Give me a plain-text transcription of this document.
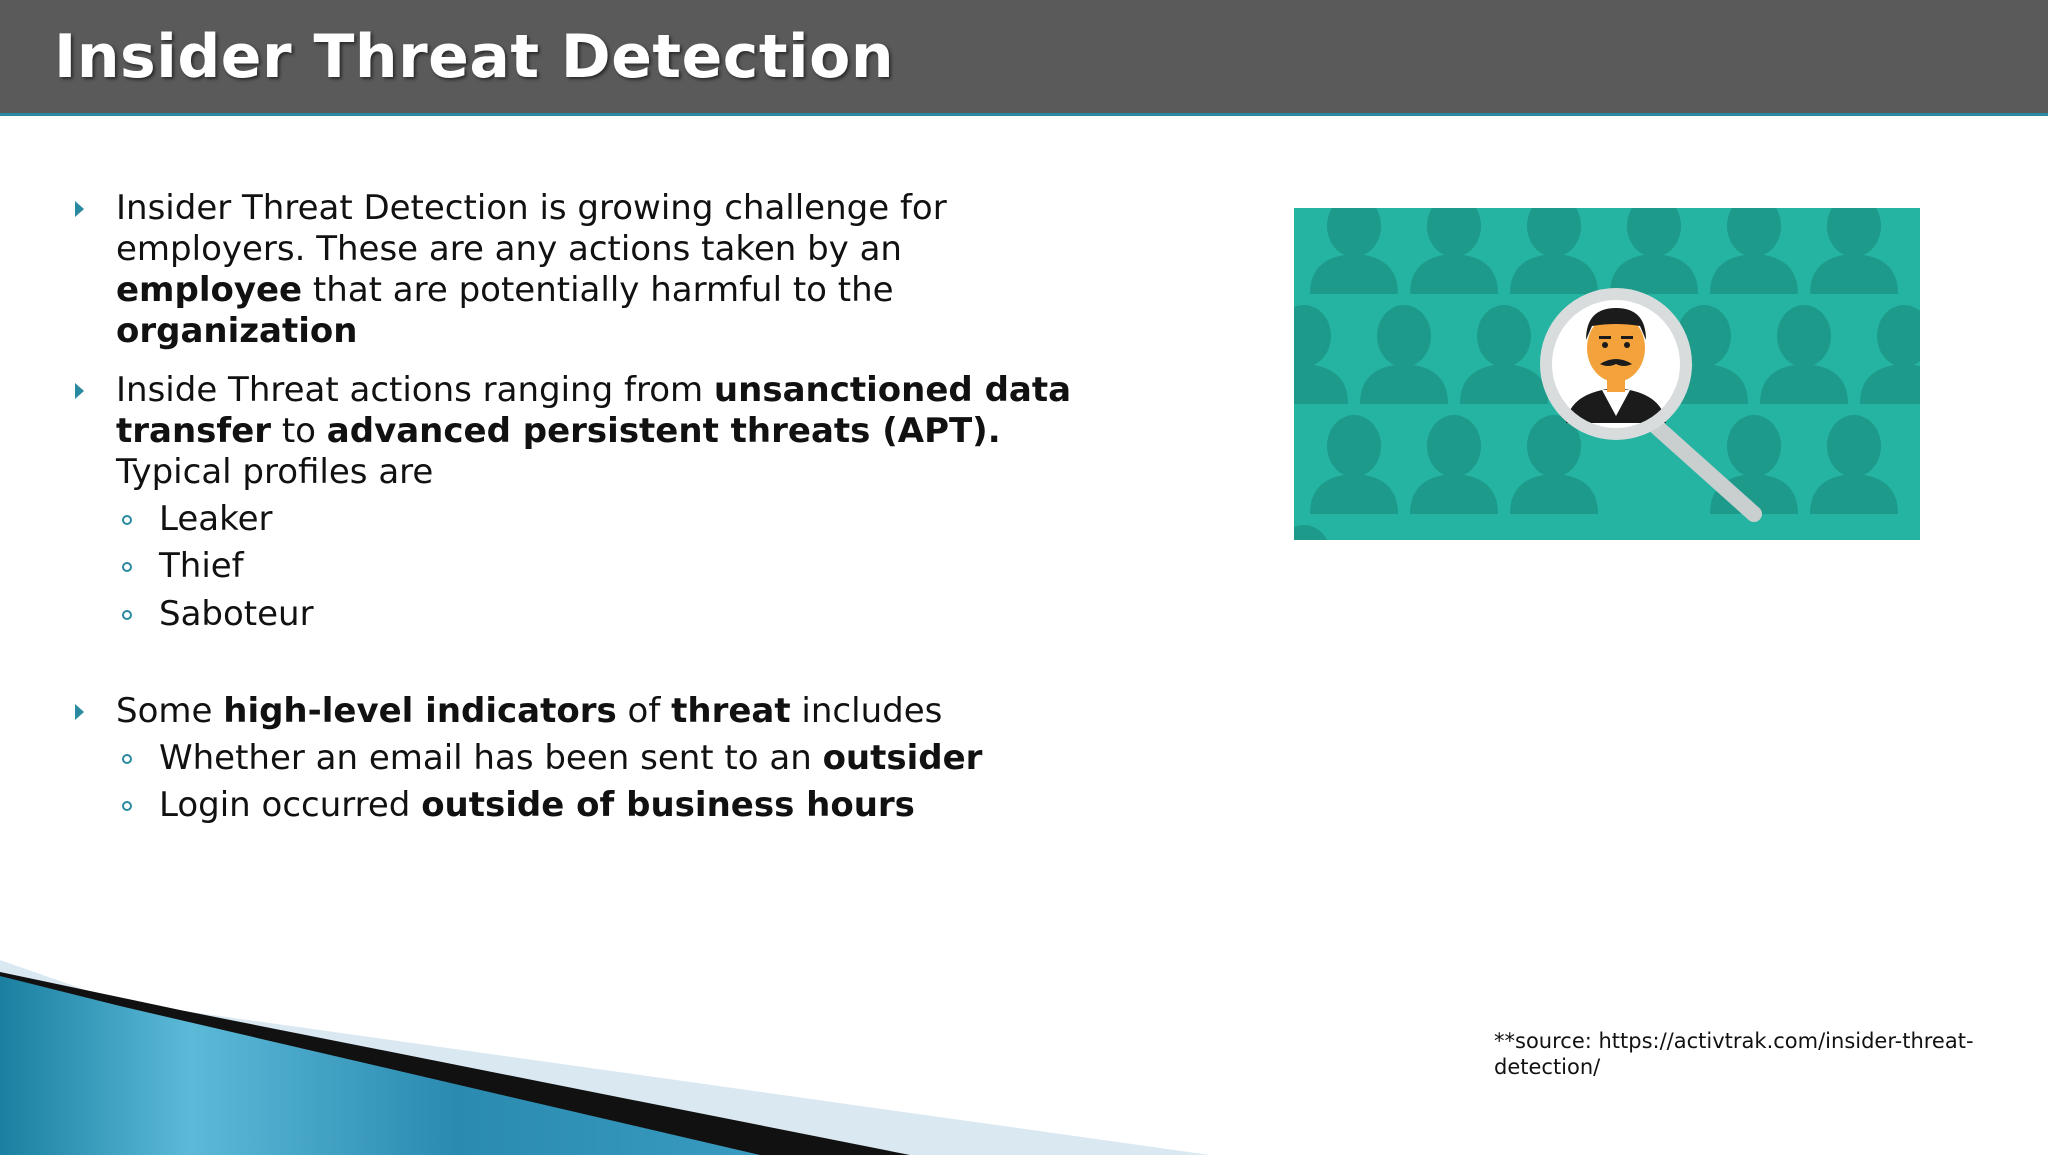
Insider Threat Detection
Insider Threat Detection is growing challenge for employers. These are any actions taken by an employee that are potentially harmful to the organization
Inside Threat actions ranging from unsanctioned data transfer to advanced persistent threats (APT). Typical profiles are
Leaker
Thief
Saboteur
Some high-level indicators of threat includes
Whether an email has been sent to an outsider
Login occurred outside of business hours
**source: https://activtrak.com/insider-threat-detection/
